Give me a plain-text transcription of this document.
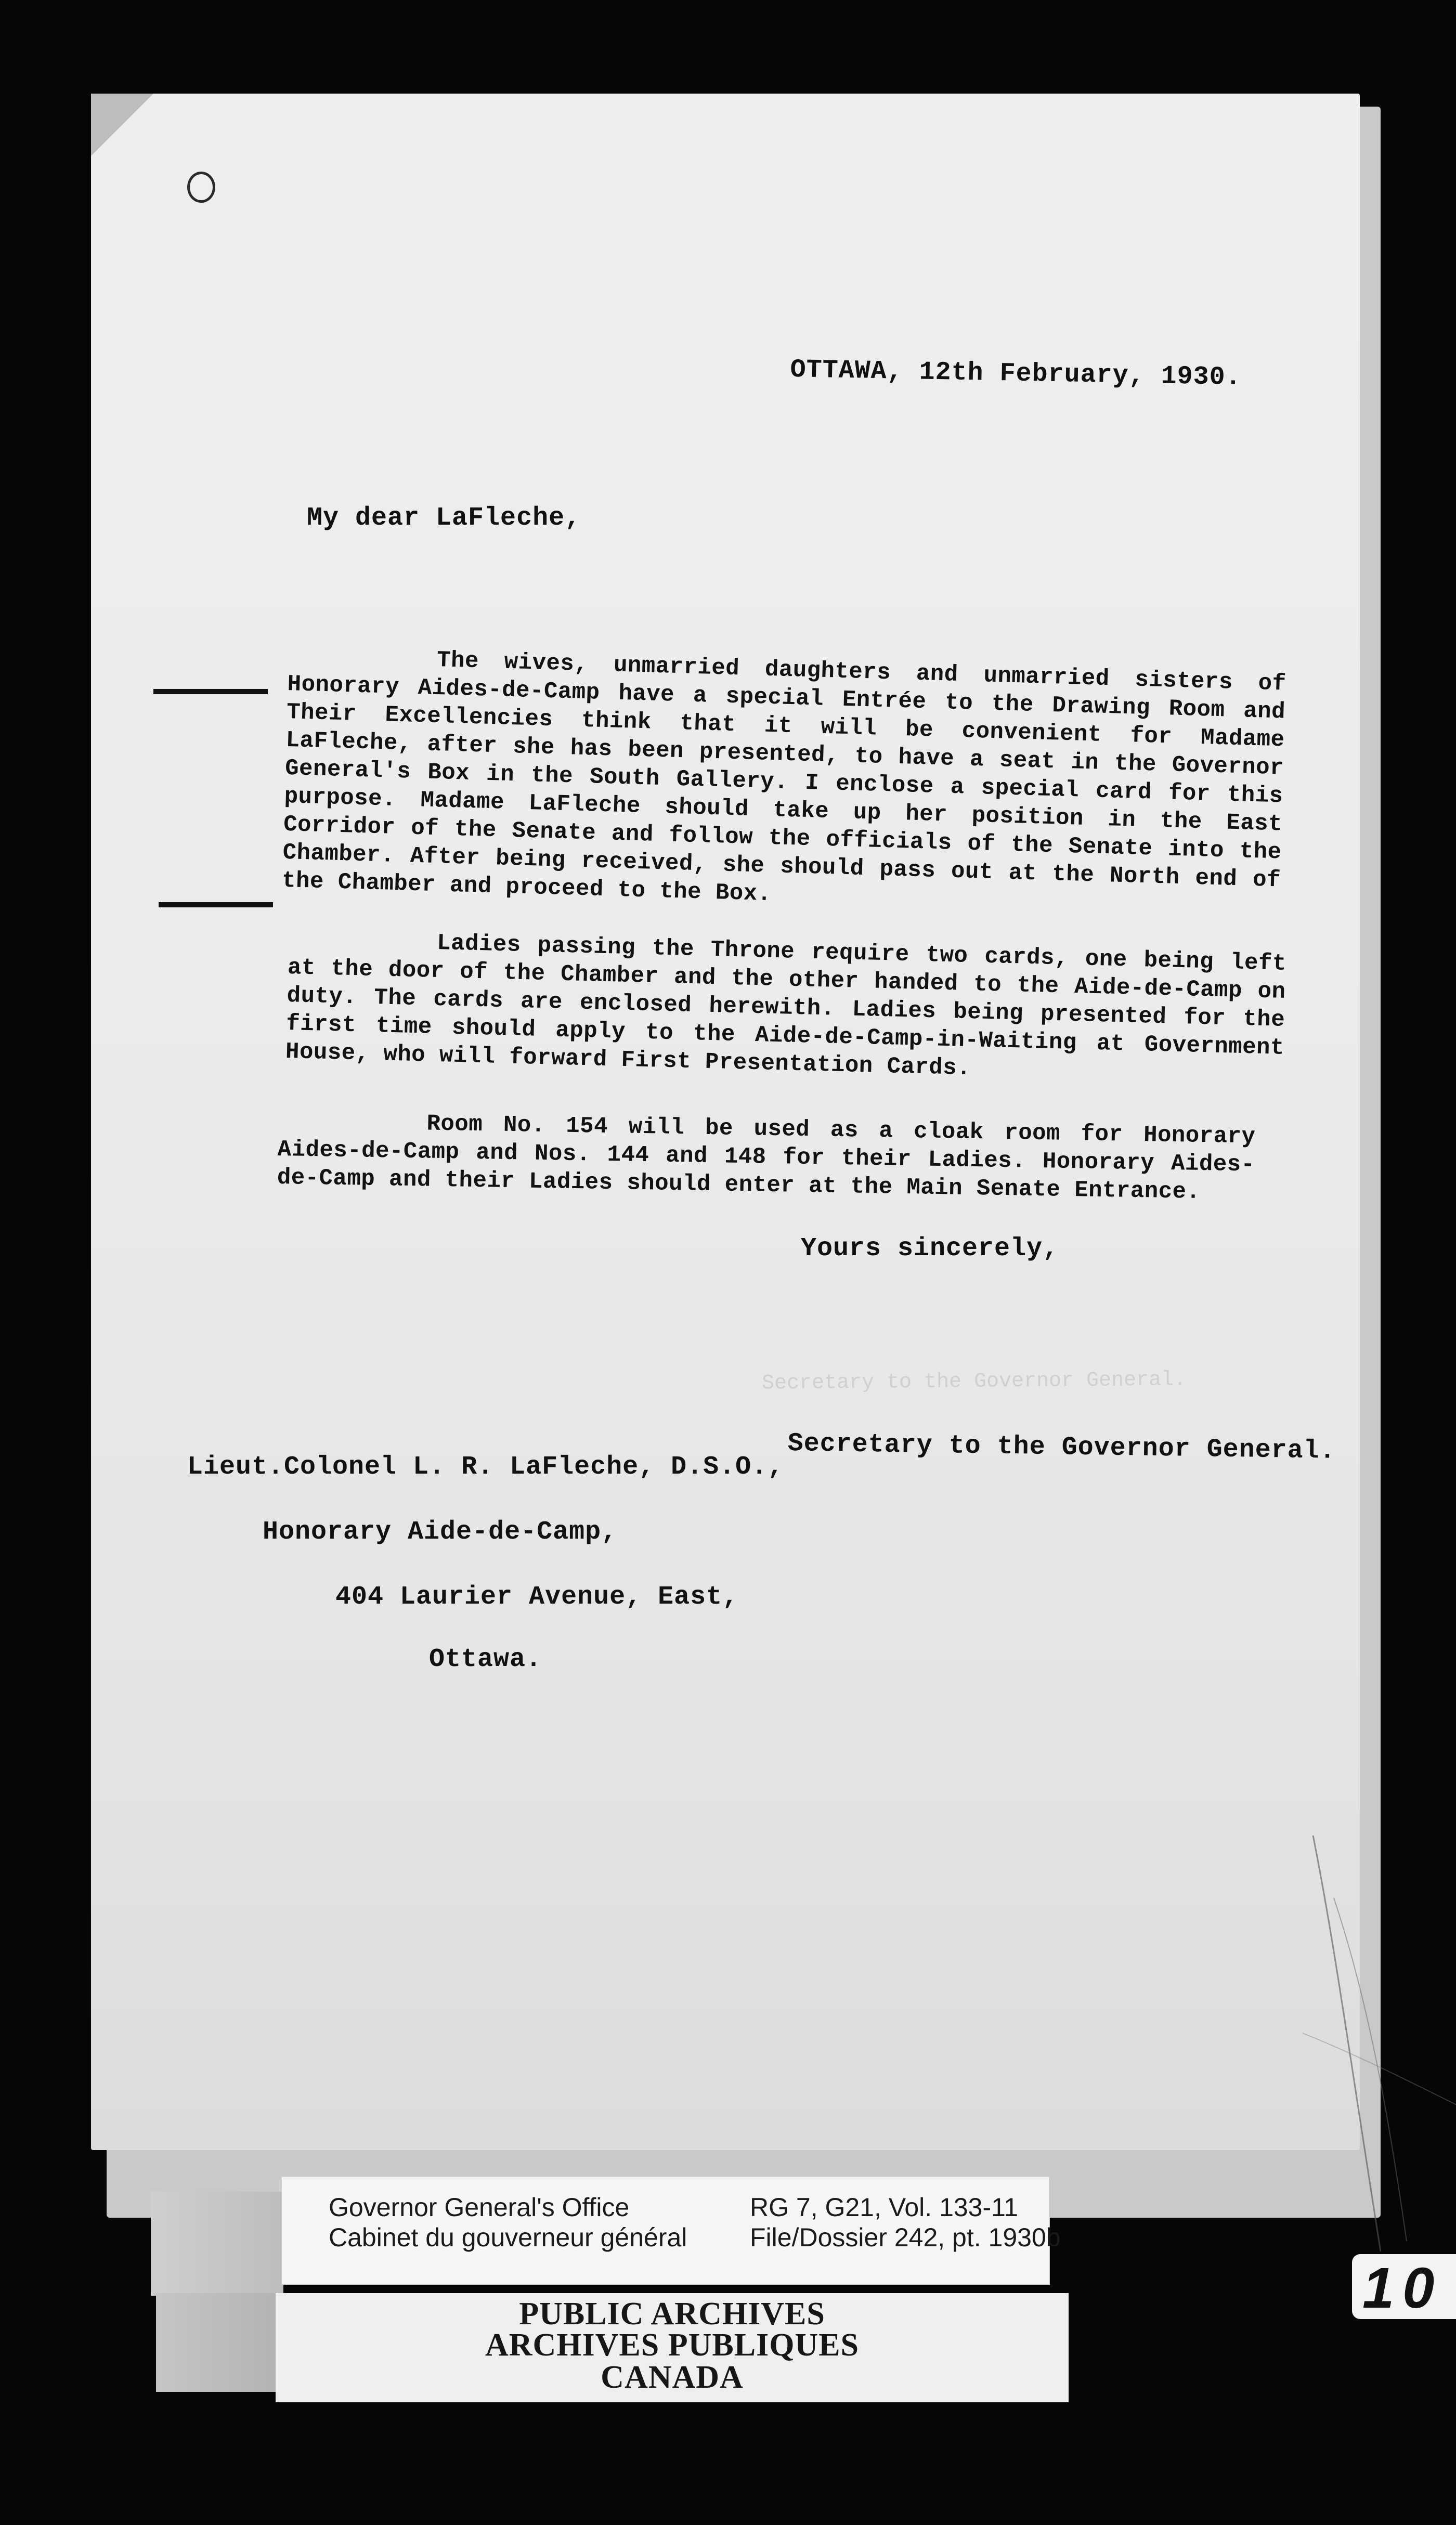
OTTAWA, 12th February, 1930.
My dear LaFleche,
The wives, unmarried daughters and unmarried sisters of Honorary Aides-de-Camp have a special Entrée to the Drawing Room and Their Excellencies think that it will be convenient for Madame LaFleche, after she has been presented, to have a seat in the Governor General's Box in the South Gallery. I enclose a special card for this purpose. Madame LaFleche should take up her position in the East Corridor of the Senate and follow the officials of the Senate into the Chamber. After being received, she should pass out at the North end of the Chamber and proceed to the Box.
Ladies passing the Throne require two cards, one being left at the door of the Chamber and the other handed to the Aide-de-Camp on duty. The cards are enclosed herewith. Ladies being presented for the first time should apply to the Aide-de-Camp-in-Waiting at Government House, who will forward First Presentation Cards.
Room No. 154 will be used as a cloak room for Honorary Aides-de-Camp and Nos. 144 and 148 for their Ladies. Honorary Aides-de-Camp and their Ladies should enter at the Main Senate Entrance.
Yours sincerely,
Secretary to the Governor General.
Secretary to the Governor General.
Lieut.Colonel L. R. LaFleche, D.S.O.,
Honorary Aide-de-Camp,
404 Laurier Avenue, East,
Ottawa.
Governor General's Office
Cabinet du gouverneur général
RG 7, G21, Vol. 133-11
File/Dossier 242, pt. 1930b
PUBLIC ARCHIVES
ARCHIVES PUBLIQUES
CANADA
10
